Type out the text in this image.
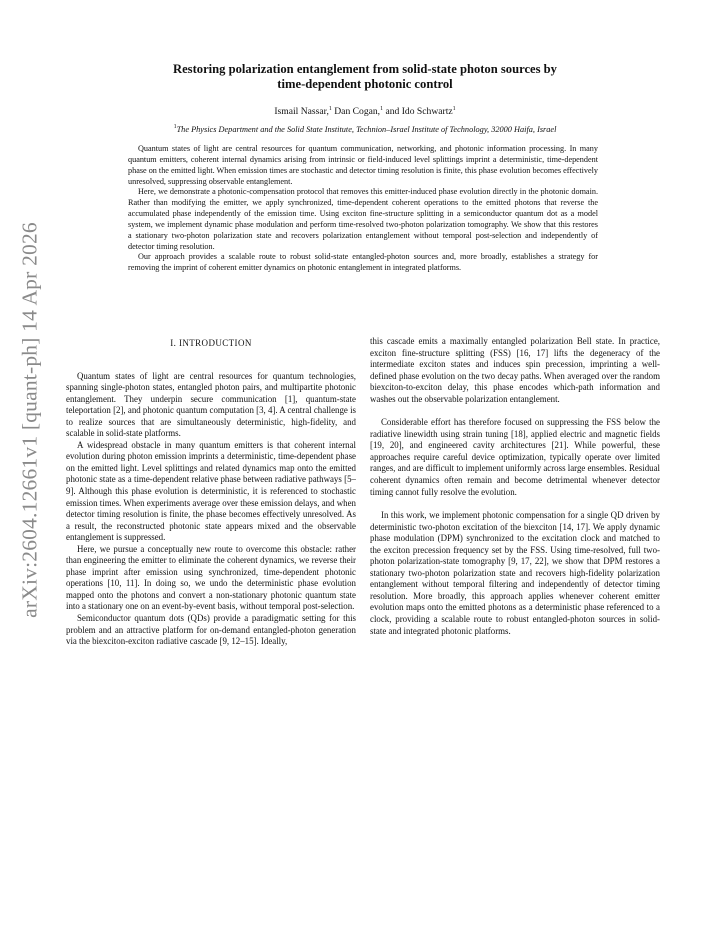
arXiv:2604.12661v1 [quant-ph] 14 Apr 2026
Restoring polarization entanglement from solid-state photon sources by
time-dependent photonic control
Ismail Nassar,$^1$ Dan Cogan,$^1$ and Ido Schwartz$^1$
$^1$The Physics Department and the Solid State Institute, Technion–Israel Institute of Technology, 32000 Haifa, Israel

Quantum states of light are central resources for quantum communication, networking, and photonic information processing. In many quantum emitters, coherent internal dynamics arising from intrinsic or field-induced level splittings imprint a deterministic, time-dependent phase on the emitted light. When emission times are stochastic and detector timing resolution is finite, this phase evolution becomes effectively unresolved, suppressing observable entanglement.

Here, we demonstrate a photonic-compensation protocol that removes this emitter-induced phase evolution directly in the photonic domain. Rather than modifying the emitter, we apply synchronized, time-dependent coherent operations to the emitted photons that reverse the accumulated phase independently of the emission time. Using exciton fine-structure splitting in a semiconductor quantum dot as a model system, we implement dynamic phase modulation and perform time-resolved two-photon polarization tomography. We show that this restores a stationary two-photon polarization state and recovers polarization entanglement without temporal post-selection and independently of detector timing resolution.

Our approach provides a scalable route to robust solid-state entangled-photon sources and, more broadly, establishes a strategy for removing the imprint of coherent emitter dynamics on photonic entanglement in integrated platforms.

I. INTRODUCTION

Quantum states of light are central resources for quantum technologies, spanning single-photon states, entangled photon pairs, and multipartite photonic entanglement. They underpin secure communication [1], quantum-state teleportation [2], and photonic quantum computation [3, 4]. A central challenge is to realize sources that are simultaneously deterministic, high-fidelity, and scalable in solid-state platforms.

A widespread obstacle in many quantum emitters is that coherent internal evolution during photon emission imprints a deterministic, time-dependent phase on the emitted light. Level splittings and related dynamics map onto the emitted photonic state as a time-dependent relative phase between radiative pathways [5–9]. Although this phase evolution is deterministic, it is referenced to stochastic emission times. When experiments average over these emission delays, and when detector timing resolution is finite, the phase becomes effectively unresolved. As a result, the reconstructed photonic state appears mixed and the observable entanglement is suppressed.

Here, we pursue a conceptually new route to overcome this obstacle: rather than engineering the emitter to eliminate the coherent dynamics, we reverse their phase imprint after emission using synchronized, time-dependent photonic operations [10, 11]. In doing so, we undo the deterministic phase evolution mapped onto the photons and convert a non-stationary photonic quantum state into a stationary one on an event-by-event basis, without temporal post-selection.

Semiconductor quantum dots (QDs) provide a paradigmatic setting for this problem and an attractive platform for on-demand entangled-photon generation via the biexciton-exciton radiative cascade [9, 12–15]. Ideally,

this cascade emits a maximally entangled polarization Bell state. In practice, exciton fine-structure splitting (FSS) [16, 17] lifts the degeneracy of the intermediate exciton states and induces spin precession, imprinting a well-defined phase evolution on the two decay paths. When averaged over the random biexciton-to-exciton delay, this phase encodes which-path information and washes out the observable polarization entanglement.

Considerable effort has therefore focused on suppressing the FSS below the radiative linewidth using strain tuning [18], applied electric and magnetic fields [19, 20], and engineered cavity architectures [21]. While powerful, these approaches require careful device optimization, typically operate over limited ranges, and are difficult to implement uniformly across large ensembles. Residual coherent dynamics often remain and become detrimental whenever detector timing cannot fully resolve the evolution.

In this work, we implement photonic compensation for a single QD driven by deterministic two-photon excitation of the biexciton [14, 17]. We apply dynamic phase modulation (DPM) synchronized to the excitation clock and matched to the exciton precession frequency set by the FSS. Using time-resolved, full two-photon polarization-state tomography [9, 17, 22], we show that DPM restores a stationary two-photon polarization state and recovers high-fidelity polarization entanglement without temporal filtering and independently of detector timing resolution. More broadly, this approach applies whenever coherent emitter evolution maps onto the emitted photons as a deterministic phase referenced to a clock, providing a scalable route to robust entangled-photon sources in solid-state and integrated photonic platforms.
